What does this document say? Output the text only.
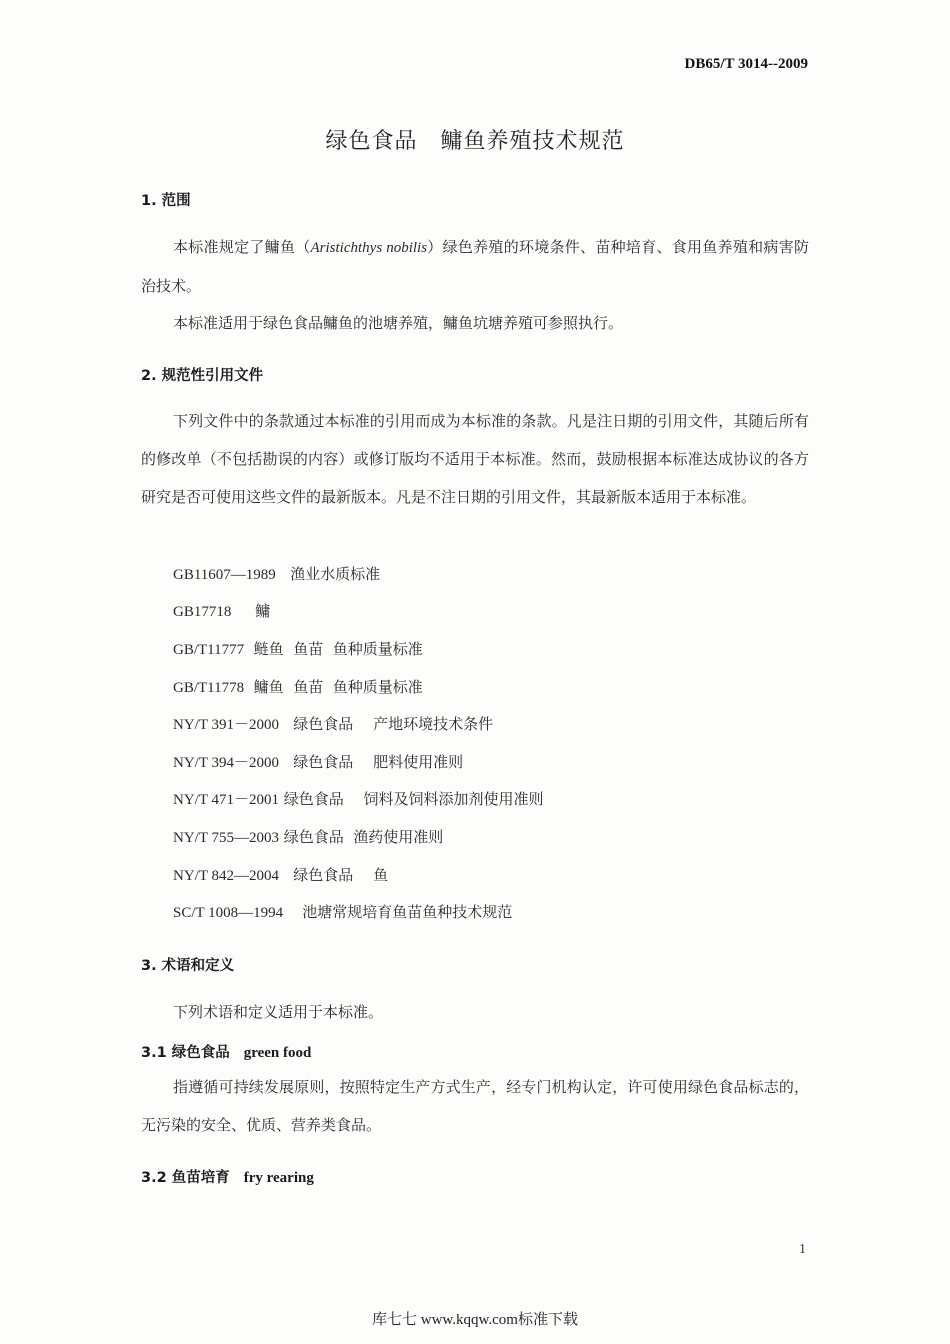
DB65/T 3014--2009
绿色食品　鳙鱼养殖技术规范
1. 范围

本标准规定了鳙鱼（Aristichthys nobilis）绿色养殖的环境条件、苗种培育、食用鱼养殖和病害防治技术。

本标准适用于绿色食品鳙鱼的池塘养殖，鳙鱼坑塘养殖可参照执行。

2. 规范性引用文件

下列文件中的条款通过本标准的引用而成为本标准的条款。凡是注日期的引用文件，其随后所有的修改单（不包括勘误的内容）或修订版均不适用于本标准。然而，鼓励根据本标准达成协议的各方研究是否可使用这些文件的最新版本。凡是不注日期的引用文件，其最新版本适用于本标准。

GB11607—1989 渔业水质标准
GB17718 鳙
GB/T11777 鲢鱼  鱼苗  鱼种质量标准
GB/T11778 鳙鱼  鱼苗  鱼种质量标准
NY/T 391－2000 绿色食品　 产地环境技术条件
NY/T 394－2000 绿色食品　 肥料使用准则
NY/T 471－2001 绿色食品　 饲料及饲料添加剂使用准则
NY/T 755—2003 绿色食品  渔药使用准则
NY/T 842—2004 绿色食品　 鱼
SC/T 1008—1994 池塘常规培育鱼苗鱼种技术规范
3. 术语和定义

下列术语和定义适用于本标准。

3.1 绿色食品 green food

指遵循可持续发展原则，按照特定生产方式生产，经专门机构认定，许可使用绿色食品标志的，无污染的安全、优质、营养类食品。

3.2 鱼苗培育 fry rearing
1
库七七 www.kqqw.com标准下载
